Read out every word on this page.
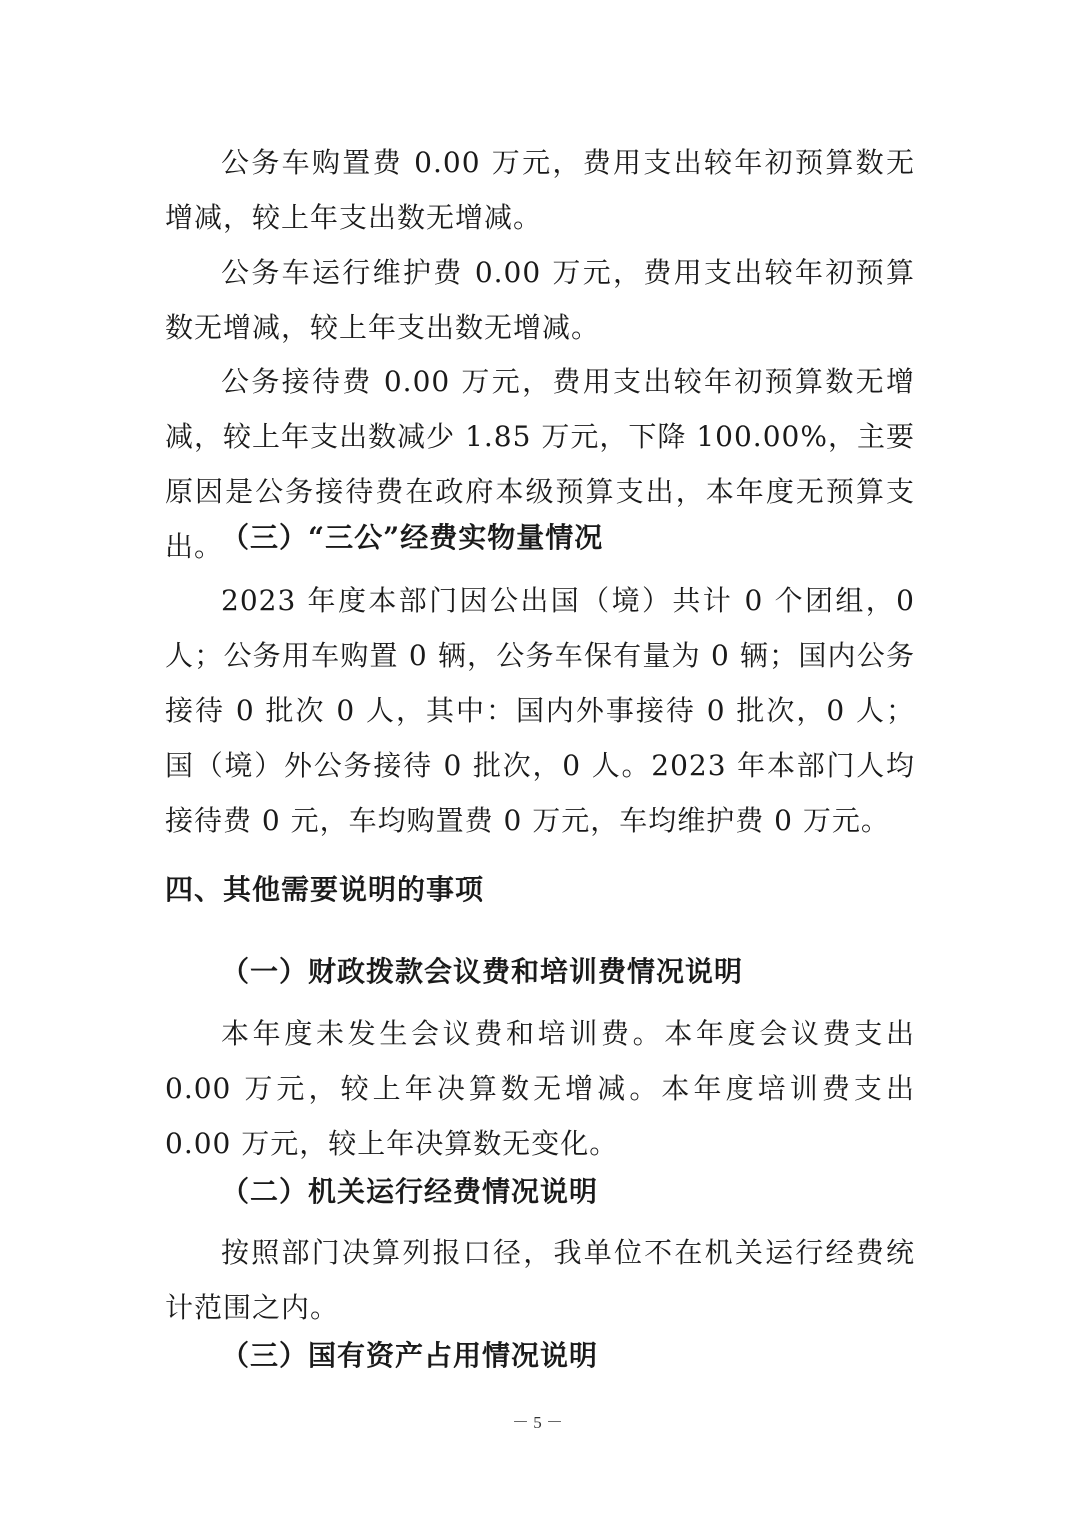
公务车购置费 0.00 万元，费用支出较年初预算数无增减，较上年支出数无增减。

公务车运行维护费 0.00 万元，费用支出较年初预算数无增减，较上年支出数无增减。

公务接待费 0.00 万元，费用支出较年初预算数无增减，较上年支出数减少 1.85 万元，下降 100.00%，主要原因是公务接待费在政府本级预算支出，本年度无预算支出。

（三）“三公”经费实物量情况

2023 年度本部门因公出国（境）共计 0 个团组，0 人；公务用车购置 0 辆，公务车保有量为 0 辆；国内公务接待 0 批次 0 人，其中：国内外事接待 0 批次，0 人；国（境）外公务接待 0 批次，0 人。2023 年本部门人均接待费 0 元，车均购置费 0 万元，车均维护费 0 万元。

四、其他需要说明的事项

（一）财政拨款会议费和培训费情况说明

本年度未发生会议费和培训费。本年度会议费支出 0.00 万元，较上年决算数无增减。本年度培训费支出 0.00 万元，较上年决算数无变化。

（二）机关运行经费情况说明

按照部门决算列报口径，我单位不在机关运行经费统计范围之内。

（三）国有资产占用情况说明

－ 5 －
